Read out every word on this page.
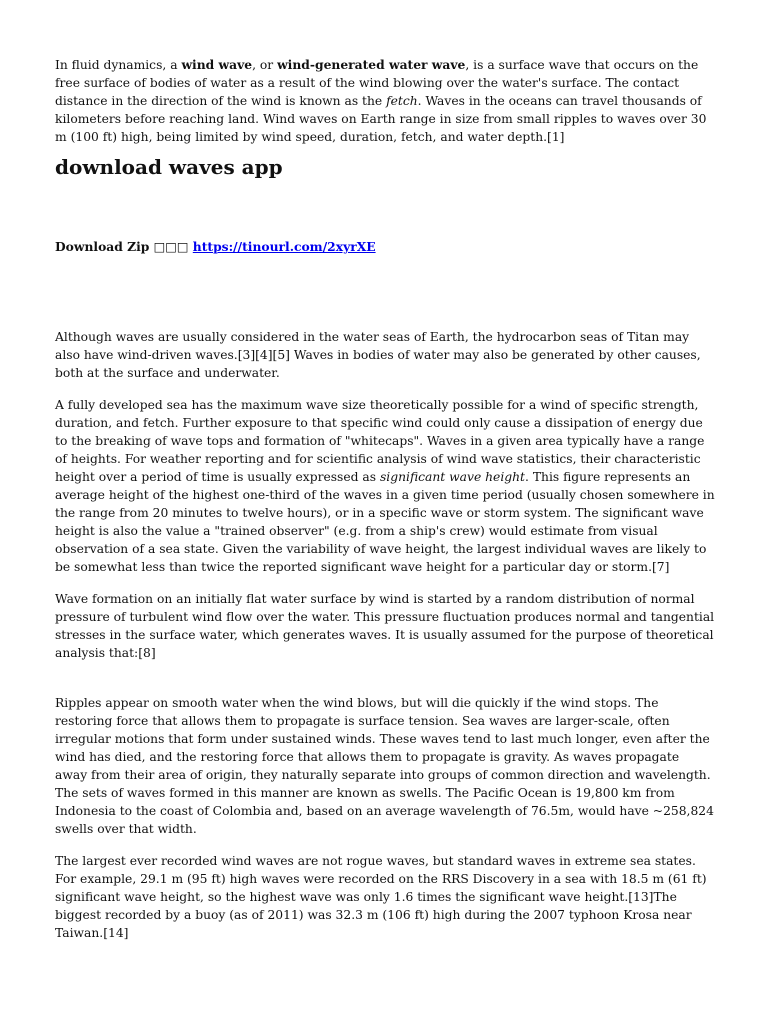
In fluid dynamics, a wind wave, or wind-generated water wave, is a surface wave that occurs on the free surface of bodies of water as a result of the wind blowing over the water's surface. The contact distance in the direction of the wind is known as the fetch. Waves in the oceans can travel thousands of kilometers before reaching land. Wind waves on Earth range in size from small ripples to waves over 30 m (100 ft) high, being limited by wind speed, duration, fetch, and water depth.[1]

download waves app
Download Zip □□□ https://tinourl.com/2xyrXE

Although waves are usually considered in the water seas of Earth, the hydrocarbon seas of Titan may also have wind-driven waves.[3][4][5] Waves in bodies of water may also be generated by other causes, both at the surface and underwater.

A fully developed sea has the maximum wave size theoretically possible for a wind of specific strength, duration, and fetch. Further exposure to that specific wind could only cause a dissipation of energy due to the breaking of wave tops and formation of "whitecaps". Waves in a given area typically have a range of heights. For weather reporting and for scientific analysis of wind wave statistics, their characteristic height over a period of time is usually expressed as significant wave height. This figure represents an average height of the highest one-third of the waves in a given time period (usually chosen somewhere in the range from 20 minutes to twelve hours), or in a specific wave or storm system. The significant wave height is also the value a "trained observer" (e.g. from a ship's crew) would estimate from visual observation of a sea state. Given the variability of wave height, the largest individual waves are likely to be somewhat less than twice the reported significant wave height for a particular day or storm.[7]

Wave formation on an initially flat water surface by wind is started by a random distribution of normal pressure of turbulent wind flow over the water. This pressure fluctuation produces normal and tangential stresses in the surface water, which generates waves. It is usually assumed for the purpose of theoretical analysis that:[8]

Ripples appear on smooth water when the wind blows, but will die quickly if the wind stops. The restoring force that allows them to propagate is surface tension. Sea waves are larger-scale, often irregular motions that form under sustained winds. These waves tend to last much longer, even after the wind has died, and the restoring force that allows them to propagate is gravity. As waves propagate away from their area of origin, they naturally separate into groups of common direction and wavelength. The sets of waves formed in this manner are known as swells. The Pacific Ocean is 19,800 km from Indonesia to the coast of Colombia and, based on an average wavelength of 76.5m, would have ~258,824 swells over that width.

The largest ever recorded wind waves are not rogue waves, but standard waves in extreme sea states. For example, 29.1 m (95 ft) high waves were recorded on the RRS Discovery in a sea with 18.5 m (61 ft) significant wave height, so the highest wave was only 1.6 times the significant wave height.[13]The biggest recorded by a buoy (as of 2011) was 32.3 m (106 ft) high during the 2007 typhoon Krosa near Taiwan.[14]
